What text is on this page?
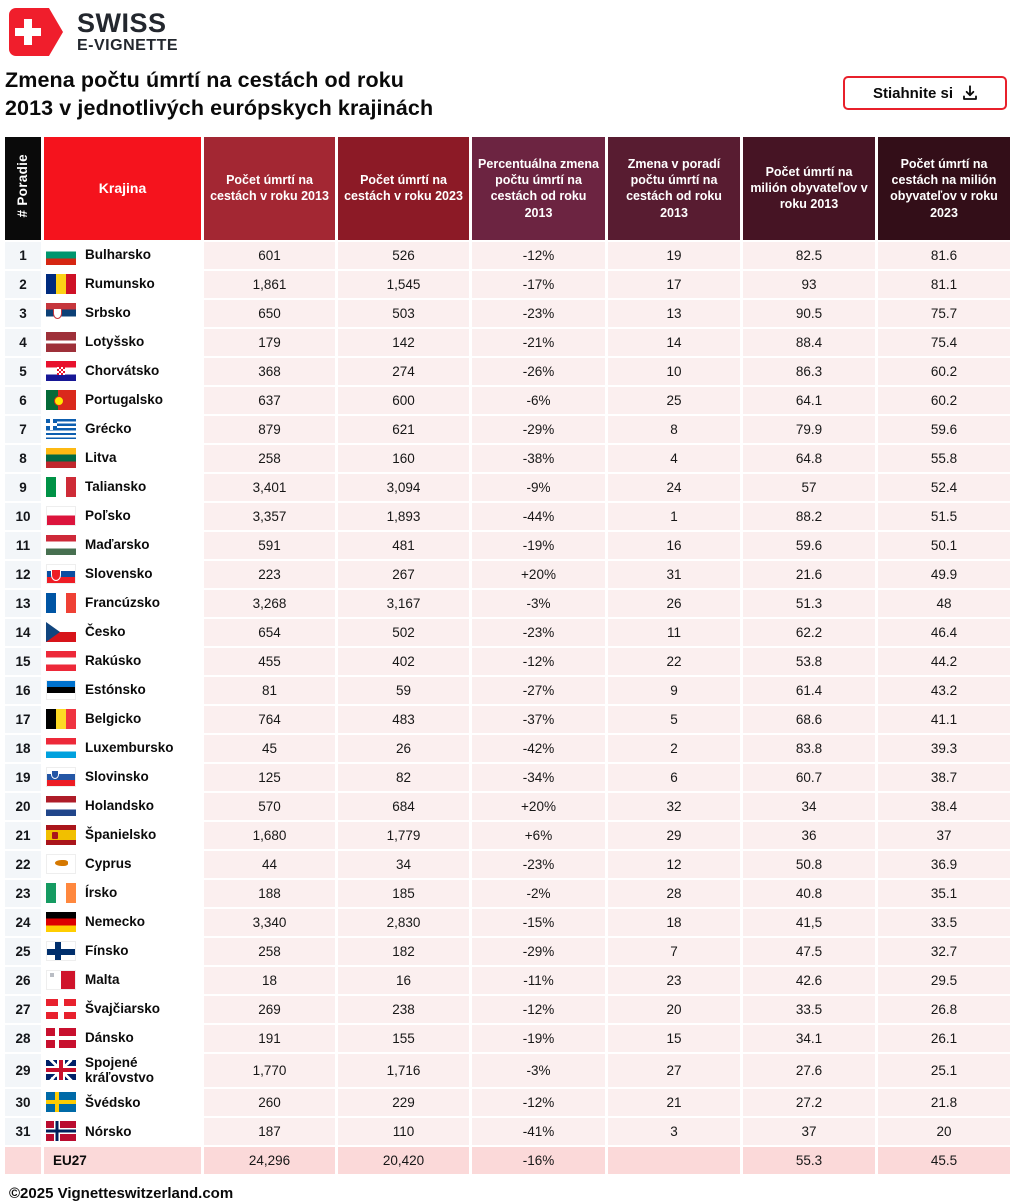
SWISS
E-VIGNETTE
Zmena počtu úmrtí na cestách od roku
2013 v jednotlivých európskych krajinách
Stiahnite si
# Poradie	Krajina	Počet úmrtí na cestách v roku 2013	Počet úmrtí na cestách v roku 2023	Percentuálna zmena počtu úmrtí na cestách od roku 2013	Zmena v poradí počtu úmrtí na cestách od roku 2013	Počet úmrtí na milión obyvateľov v roku 2013	Počet úmrtí na cestách na milión obyvateľov v roku 2023
1	Bulharsko	601	526	-12%	19	82.5	81.6
2	Rumunsko	1,861	1,545	-17%	17	93	81.1
3	Srbsko	650	503	-23%	13	90.5	75.7
4	Lotyšsko	179	142	-21%	14	88.4	75.4
5	Chorvátsko	368	274	-26%	10	86.3	60.2
6	Portugalsko	637	600	-6%	25	64.1	60.2
7	Grécko	879	621	-29%	8	79.9	59.6
8	Litva	258	160	-38%	4	64.8	55.8
9	Taliansko	3,401	3,094	-9%	24	57	52.4
10	Poľsko	3,357	1,893	-44%	1	88.2	51.5
11	Maďarsko	591	481	-19%	16	59.6	50.1
12	Slovensko	223	267	+20%	31	21.6	49.9
13	Francúzsko	3,268	3,167	-3%	26	51.3	48
14	Česko	654	502	-23%	11	62.2	46.4
15	Rakúsko	455	402	-12%	22	53.8	44.2
16	Estónsko	81	59	-27%	9	61.4	43.2
17	Belgicko	764	483	-37%	5	68.6	41.1
18	Luxembursko	45	26	-42%	2	83.8	39.3
19	Slovinsko	125	82	-34%	6	60.7	38.7
20	Holandsko	570	684	+20%	32	34	38.4
21	Španielsko	1,680	1,779	+6%	29	36	37
22	Cyprus	44	34	-23%	12	50.8	36.9
23	Írsko	188	185	-2%	28	40.8	35.1
24	Nemecko	3,340	2,830	-15%	18	41,5	33.5
25	Fínsko	258	182	-29%	7	47.5	32.7
26	Malta	18	16	-11%	23	42.6	29.5
27	Švajčiarsko	269	238	-12%	20	33.5	26.8
28	Dánsko	191	155	-19%	15	34.1	26.1
29	Spojené kráľovstvo	1,770	1,716	-3%	27	27.6	25.1
30	Švédsko	260	229	-12%	21	27.2	21.8
31	Nórsko	187	110	-41%	3	37	20
	EU27	24,296	20,420	-16%		55.3	45.5
©2025 Vignetteswitzerland.com
